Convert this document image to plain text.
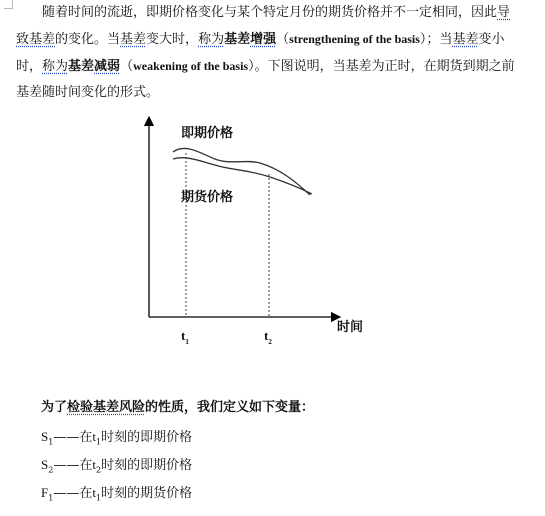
随着时间的流逝，即期价格变化与某个特定月份的期货价格并不一定相同，因此导致基差的变化。当基差变大时，称为基差增强（strengthening of the basis）；当基差变小时，称为基差减弱（weakening of the basis）。下图说明，当基差为正时，在期货到期之前基差随时间变化的形式。

即期价格
期货价格
时间
$t_1$	$t_2$
为了检验基差风险的性质，我们定义如下变量：
$S_1——$在$t_1$时刻的即期价格
$S_2——$在$t_2$时刻的即期价格
$F_1——$在$t_1$时刻的期货价格
